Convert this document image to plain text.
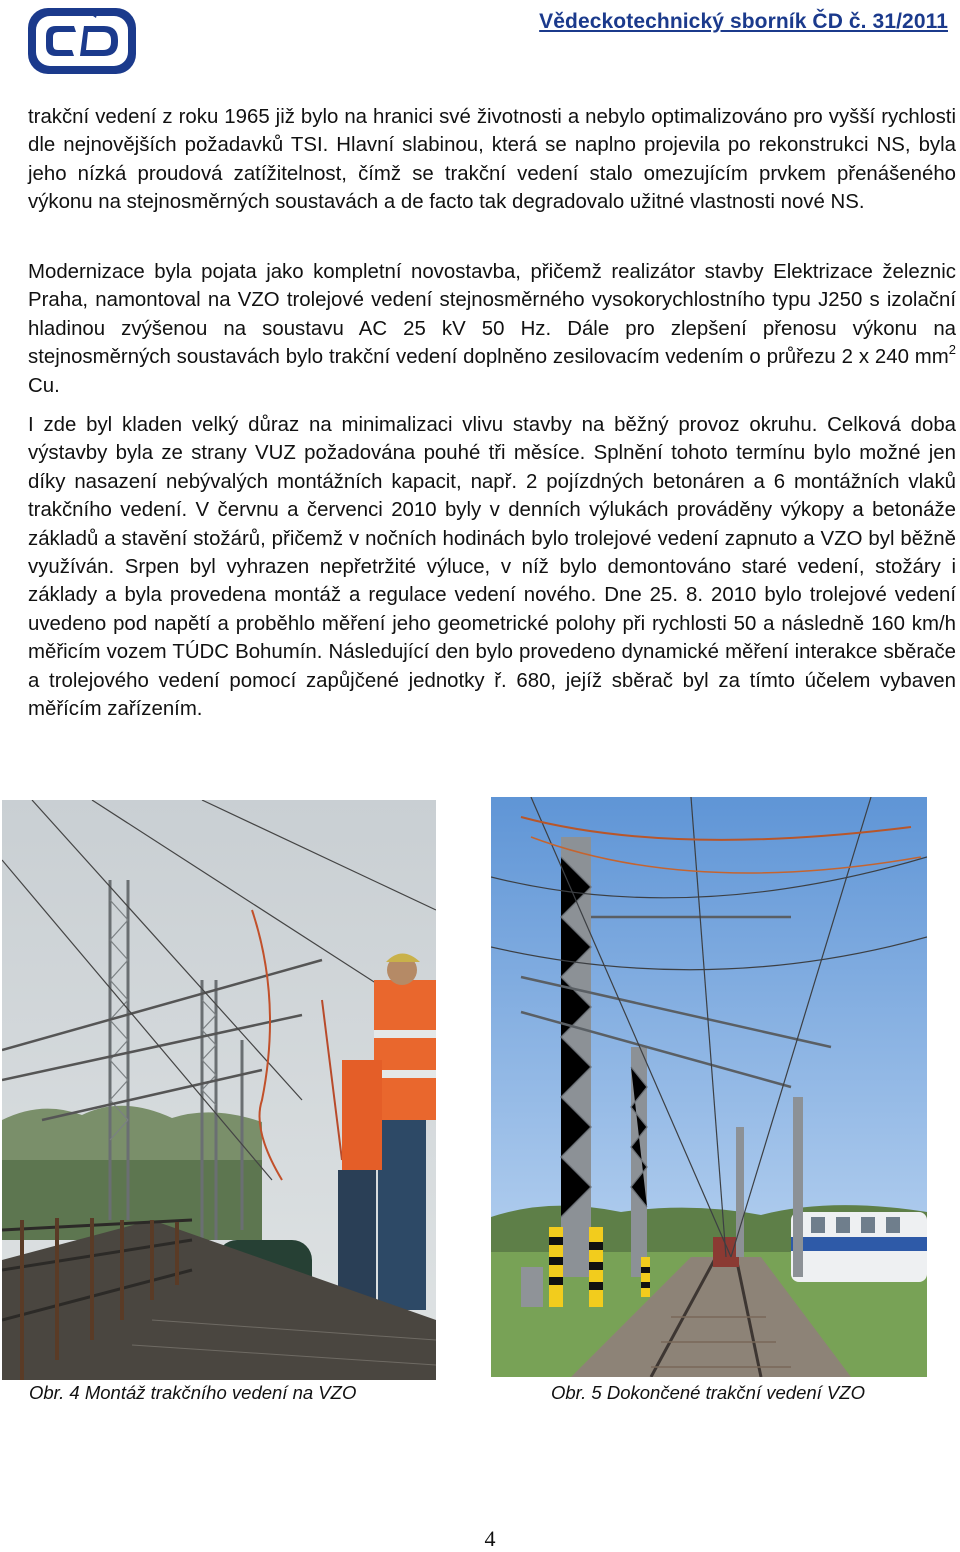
Vědeckotechnický sborník ČD č. 31/2011

trakční vedení z roku 1965 již bylo na hranici své životnosti a nebylo optimalizováno pro vyšší rychlosti dle nejnovějších požadavků TSI. Hlavní slabinou, která se naplno projevila po rekonstrukci NS, byla jeho nízká proudová zatížitelnost, čímž se trakční vedení stalo omezujícím prvkem přenášeného výkonu na stejnosměrných soustavách a de facto tak degradovalo užitné vlastnosti nové NS.

Modernizace byla pojata jako kompletní novostavba, přičemž realizátor stavby Elektrizace železnic Praha, namontoval na VZO trolejové vedení stejnosměrného vysokorychlostního typu J250 s izolační hladinou zvýšenou na soustavu AC 25 kV 50 Hz. Dále pro zlepšení přenosu výkonu na stejnosměrných soustavách bylo trakční vedení doplněno zesilovacím vedením o průřezu 2 x 240 $mm^2$ Cu.

I zde byl kladen velký důraz na minimalizaci vlivu stavby na běžný provoz okruhu. Celková doba výstavby byla ze strany VUZ požadována pouhé tři měsíce. Splnění tohoto termínu bylo možné jen díky nasazení nebývalých montážních kapacit, např. 2 pojízdných betonáren a 6 montážních vlaků trakčního vedení. V červnu a červenci 2010 byly v denních výlukách prováděny výkopy a betonáže základů a stavění stožárů, přičemž v nočních hodinách bylo trolejové vedení zapnuto a VZO byl běžně využíván. Srpen byl vyhrazen nepřetržité výluce, v níž bylo demontováno staré vedení, stožáry i základy a byla provedena montáž a regulace vedení nového. Dne 25. 8. 2010 bylo trolejové vedení uvedeno pod napětí a proběhlo měření jeho geometrické polohy při rychlosti 50 a následně 160 km/h měřicím vozem TÚDC Bohumín. Následující den bylo provedeno dynamické měření interakce sběrače a trolejového vedení pomocí zapůjčené jednotky ř. 680, jejíž sběrač byl za tímto účelem vybaven měřícím zařízením.

Obr. 4 Montáž trakčního vedení na VZO	Obr. 5 Dokončené trakční vedení VZO
4
